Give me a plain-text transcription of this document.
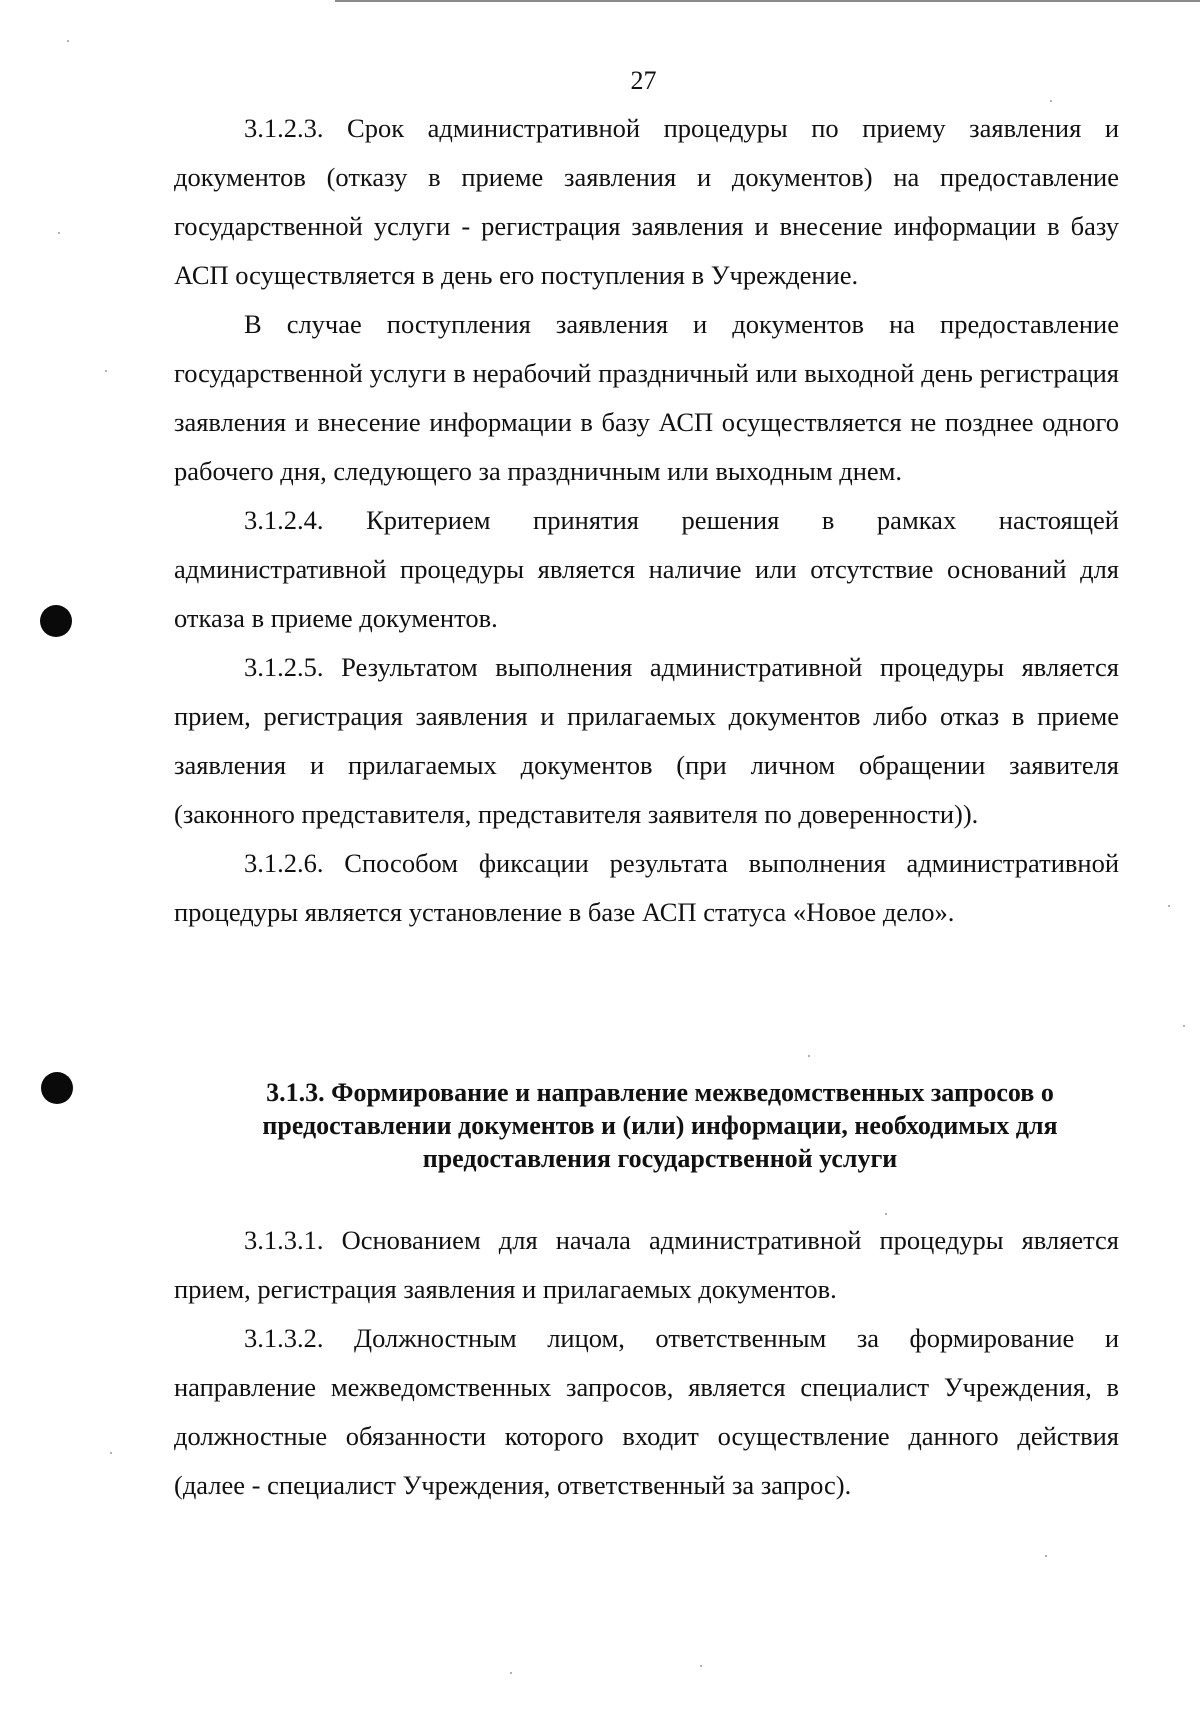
27

3.1.2.3. Срок административной процедуры по приему заявления и документов (отказу в приеме заявления и документов) на предоставление государственной услуги - регистрация заявления и внесение информации в базу АСП осуществляется в день его поступления в Учреждение.

В случае поступления заявления и документов на предоставление государственной услуги в нерабочий праздничный или выходной день регистрация заявления и внесение информации в базу АСП осуществляется не позднее одного рабочего дня, следующего за праздничным или выходным днем.

3.1.2.4. Критерием принятия решения в рамках настоящей административной процедуры является наличие или отсутствие оснований для отказа в приеме документов.

3.1.2.5. Результатом выполнения административной процедуры является прием, регистрация заявления и прилагаемых документов либо отказ в приеме заявления и прилагаемых документов (при личном обращении заявителя (законного представителя, представителя заявителя по доверенности)).

3.1.2.6. Способом фиксации результата выполнения административной процедуры является установление в базе АСП статуса «Новое дело».

3.1.3. Формирование и направление межведомственных запросов о предоставлении документов и (или) информации, необходимых для предоставления государственной услуги

3.1.3.1. Основанием для начала административной процедуры является прием, регистрация заявления и прилагаемых документов.

3.1.3.2. Должностным лицом, ответственным за формирование и направление межведомственных запросов, является специалист Учреждения, в должностные обязанности которого входит осуществление данного действия (далее - специалист Учреждения, ответственный за запрос).
